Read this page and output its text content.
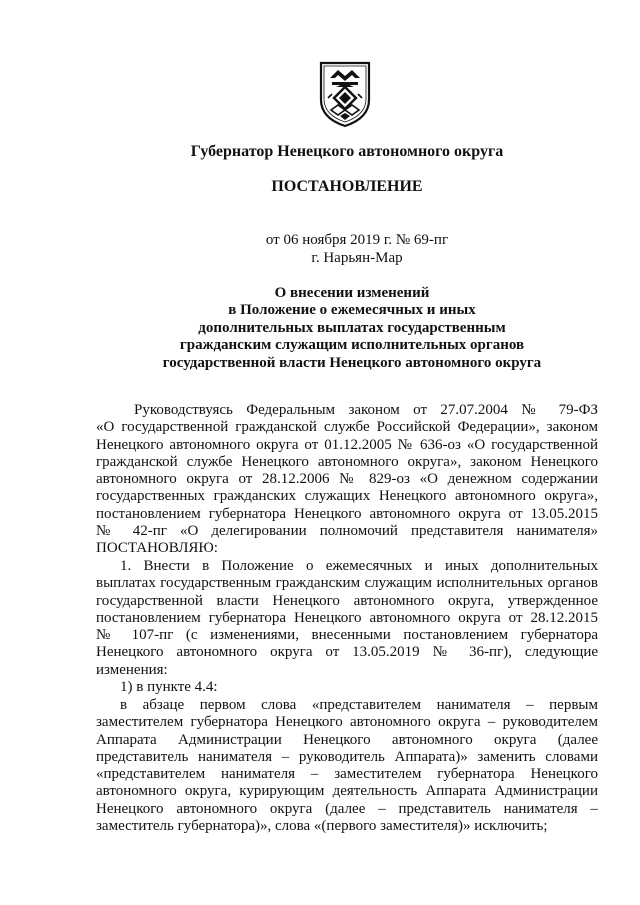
Губернатор Ненецкого автономного округа
ПОСТАНОВЛЕНИЕ
от 06 ноября 2019 г. № 69-пг
г. Нарьян-Мар
О внесении изменений
в Положение о ежемесячных и иных
дополнительных выплатах государственным
гражданским служащим исполнительных органов
государственной власти Ненецкого автономного округа
Руководствуясь Федеральным законом от 27.07.2004 № 79-ФЗ
«О государственной гражданской службе Российской Федерации», законом
Ненецкого автономного округа от 01.12.2005 № 636-оз «О государственной
гражданской службе Ненецкого автономного округа», законом Ненецкого
автономного округа от 28.12.2006 № 829-оз «О денежном содержании
государственных гражданских служащих Ненецкого автономного округа»,
постановлением губернатора Ненецкого автономного округа от 13.05.2015
№ 42-пг «О делегировании полномочий представителя нанимателя»
ПОСТАНОВЛЯЮ:
1. Внести в Положение о ежемесячных и иных дополнительных
выплатах государственным гражданским служащим исполнительных органов
государственной власти Ненецкого автономного округа, утвержденное
постановлением губернатора Ненецкого автономного округа от 28.12.2015
№ 107-пг (с изменениями, внесенными постановлением губернатора
Ненецкого автономного округа от 13.05.2019 № 36-пг), следующие
изменения:
1) в пункте 4.4:
в абзаце первом слова «представителем нанимателя – первым
заместителем губернатора Ненецкого автономного округа – руководителем
Аппарата Администрации Ненецкого автономного округа (далее
представитель нанимателя – руководитель Аппарата)» заменить словами
«представителем нанимателя – заместителем губернатора Ненецкого
автономного округа, курирующим деятельность Аппарата Администрации
Ненецкого автономного округа (далее – представитель нанимателя –
заместитель губернатора)», слова «(первого заместителя)» исключить;
